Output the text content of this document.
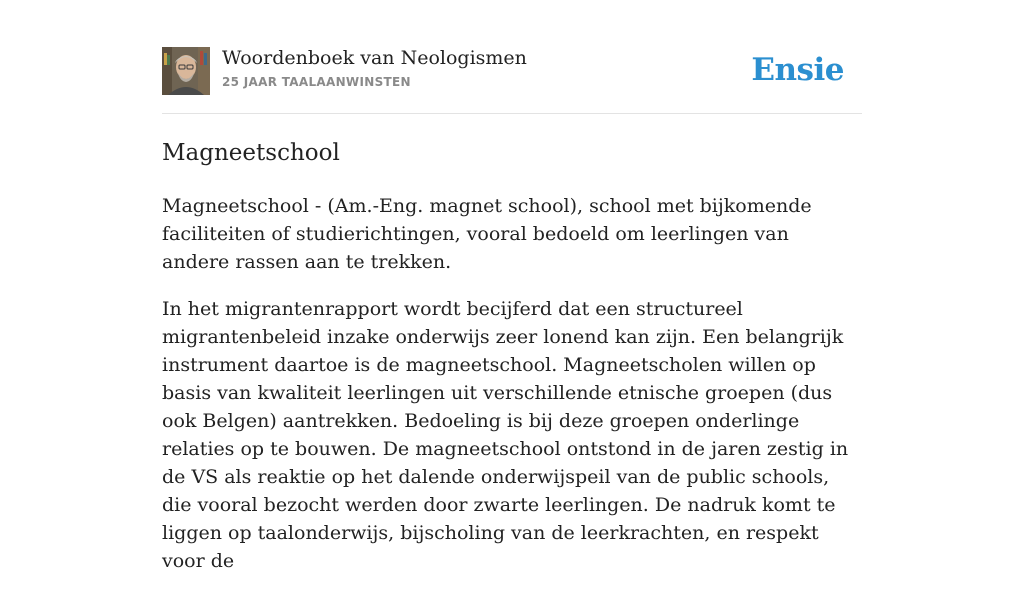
Woordenboek van Neologismen
25 JAAR TAALAANWINSTEN	Ensie
Magneetschool

Magneetschool - (Am.-Eng. magnet school), school met bijkomende faciliteiten of studierichtingen, vooral bedoeld om leerlingen van andere rassen aan te trekken.

In het migrantenrapport wordt becijferd dat een structureel migrantenbeleid inzake onderwijs zeer lonend kan zijn. Een belangrijk instrument daartoe is de magneetschool. Magneetscholen willen op basis van kwaliteit leerlingen uit verschillende etnische groepen (dus ook Belgen) aantrekken. Bedoeling is bij deze groepen onderlinge relaties op te bouwen. De magneetschool ontstond in de jaren zestig in de VS als reaktie op het dalende onderwijspeil van de public schools, die vooral bezocht werden door zwarte leerlingen. De nadruk komt te liggen op taalonderwijs, bijscholing van de leerkrachten, en respekt voor de
